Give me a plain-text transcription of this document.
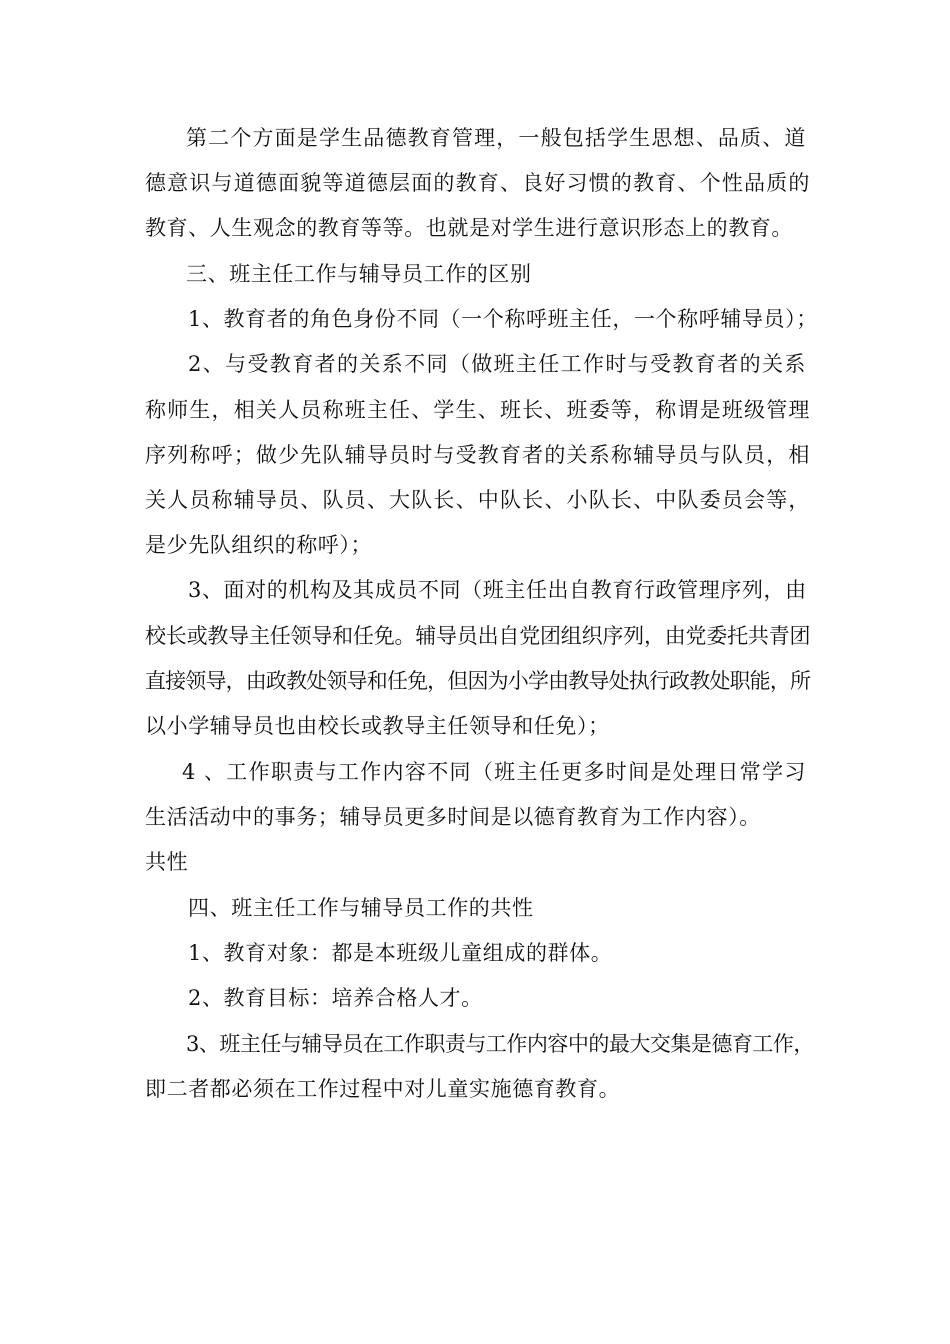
第二个方面是学生品德教育管理，一般包括学生思想、品质、道
德意识与道德面貌等道德层面的教育、良好习惯的教育、个性品质的
教育、人生观念的教育等等。也就是对学生进行意识形态上的教育。
三、班主任工作与辅导员工作的区别
1、教育者的角色身份不同（一个称呼班主任，一个称呼辅导员）；
2、与受教育者的关系不同（做班主任工作时与受教育者的关系
称师生，相关人员称班主任、学生、班长、班委等，称谓是班级管理
序列称呼；做少先队辅导员时与受教育者的关系称辅导员与队员，相
关人员称辅导员、队员、大队长、中队长、小队长、中队委员会等，
是少先队组织的称呼）；
3、面对的机构及其成员不同（班主任出自教育行政管理序列，由
校长或教导主任领导和任免。辅导员出自党团组织序列，由党委托共青团
直接领导，由政教处领导和任免，但因为小学由教导处执行政教处职能，所
以小学辅导员也由校长或教导主任领导和任免）；
4 、工作职责与工作内容不同（班主任更多时间是处理日常学习
生活活动中的事务；辅导员更多时间是以德育教育为工作内容）。
共性
四、班主任工作与辅导员工作的共性
1、教育对象：都是本班级儿童组成的群体。
2、教育目标：培养合格人才。
3、班主任与辅导员在工作职责与工作内容中的最大交集是德育工作，
即二者都必须在工作过程中对儿童实施德育教育。
